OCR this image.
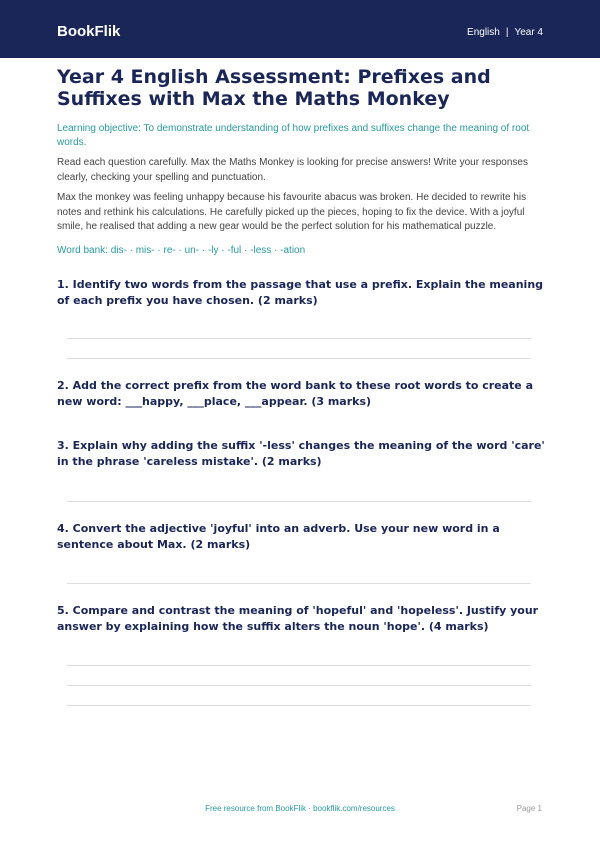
BookFlik	English | Year 4
Year 4 English Assessment: Prefixes and Suffixes with Max the Maths Monkey
Learning objective: To demonstrate understanding of how prefixes and suffixes change the meaning of root words.
Read each question carefully. Max the Maths Monkey is looking for precise answers! Write your responses clearly, checking your spelling and punctuation.
Max the monkey was feeling unhappy because his favourite abacus was broken. He decided to rewrite his notes and rethink his calculations. He carefully picked up the pieces, hoping to fix the device. With a joyful smile, he realised that adding a new gear would be the perfect solution for his mathematical puzzle.
Word bank: dis- · mis- · re- · un- · -ly · -ful · -less · -ation
1. Identify two words from the passage that use a prefix. Explain the meaning of each prefix you have chosen. (2 marks)
2. Add the correct prefix from the word bank to these root words to create a new word: ___happy, ___place, ___appear. (3 marks)
3. Explain why adding the suffix '-less' changes the meaning of the word 'care' in the phrase 'careless mistake'. (2 marks)
4. Convert the adjective 'joyful' into an adverb. Use your new word in a sentence about Max. (2 marks)
5. Compare and contrast the meaning of 'hopeful' and 'hopeless'. Justify your answer by explaining how the suffix alters the noun 'hope'. (4 marks)
Free resource from BookFlik · bookflik.com/resources	Page 1
